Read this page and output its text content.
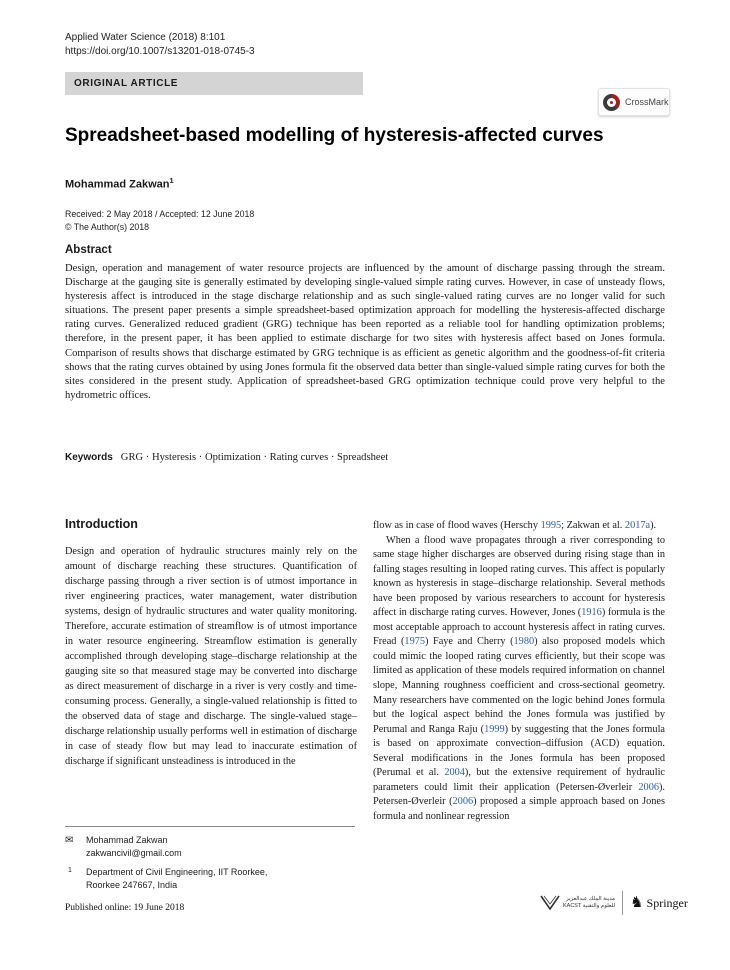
Applied Water Science (2018) 8:101
https://doi.org/10.1007/s13201-018-0745-3
ORIGINAL ARTICLE
CrossMark
Spreadsheet-based modelling of hysteresis-affected curves
Mohammad Zakwan$^1$
Received: 2 May 2018 / Accepted: 12 June 2018
© The Author(s) 2018
Abstract
Design, operation and management of water resource projects are influenced by the amount of discharge passing through the stream. Discharge at the gauging site is generally estimated by developing single-valued simple rating curves. However, in case of unsteady flows, hysteresis affect is introduced in the stage discharge relationship and as such single-valued rating curves are no longer valid for such situations. The present paper presents a simple spreadsheet-based optimization approach for modelling the hysteresis-affected discharge rating curves. Generalized reduced gradient (GRG) technique has been reported as a reliable tool for handling optimization problems; therefore, in the present paper, it has been applied to estimate discharge for two sites with hysteresis affect based on Jones formula. Comparison of results shows that discharge estimated by GRG technique is as efficient as genetic algorithm and the goodness-of-fit criteria shows that the rating curves obtained by using Jones formula fit the observed data better than single-valued simple rating curves for both the sites considered in the present study. Application of spreadsheet-based GRG optimization technique could prove very helpful to the hydrometric offices.
Keywords GRG · Hysteresis · Optimization · Rating curves · Spreadsheet
Introduction

Design and operation of hydraulic structures mainly rely on the amount of discharge reaching these structures. Quantification of discharge passing through a river section is of utmost importance in river engineering practices, water management, water distribution systems, design of hydraulic structures and water quality monitoring. Therefore, accurate estimation of streamflow is of utmost importance in water resource engineering. Streamflow estimation is generally accomplished through developing stage–discharge relationship at the gauging site so that measured stage may be converted into discharge as direct measurement of discharge in a river is very costly and time-consuming process. Generally, a single-valued relationship is fitted to the observed data of stage and discharge. The single-valued stage–discharge relationship usually performs well in estimation of discharge in case of steady flow but may lead to inaccurate estimation of discharge if significant unsteadiness is introduced in the

flow as in case of flood waves (Herschy 1995; Zakwan et al. 2017a).

When a flood wave propagates through a river corresponding to same stage higher discharges are observed during rising stage than in falling stages resulting in looped rating curves. This affect is popularly known as hysteresis in stage–discharge relationship. Several methods have been proposed by various researchers to account for hysteresis affect in discharge rating curves. However, Jones (1916) formula is the most acceptable approach to account hysteresis affect in rating curves. Fread (1975) Faye and Cherry (1980) also proposed models which could mimic the looped rating curves efficiently, but their scope was limited as application of these models required information on channel slope, Manning roughness coefficient and cross-sectional geometry. Many researchers have commented on the logic behind Jones formula but the logical aspect behind the Jones formula was justified by Perumal and Ranga Raju (1999) by suggesting that the Jones formula is based on approximate convection–diffusion (ACD) equation. Several modifications in the Jones formula has been proposed (Perumal et al. 2004), but the extensive requirement of hydraulic parameters could limit their application (Petersen-Øverleir 2006). Petersen-Øverleir (2006) proposed a simple approach based on Jones formula and nonlinear regression

✉ Mohammad Zakwan
zakwancivil@gmail.com
1 Department of Civil Engineering, IIT Roorkee,
Roorkee 247667, India
Published online: 19 June 2018
مدينة الملك عبدالعزيز
KACST للعلوم والتقنية ♞ Springer
